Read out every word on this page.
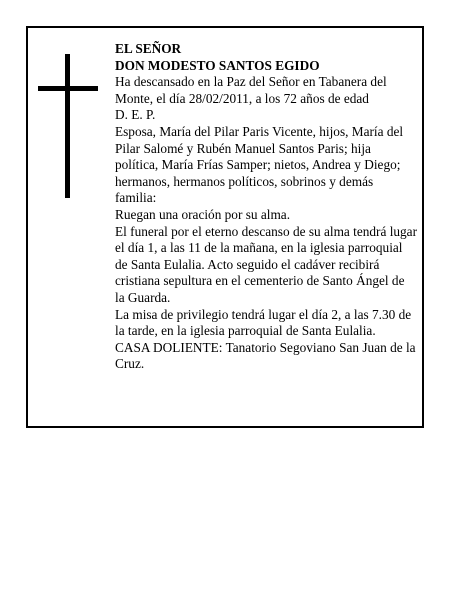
EL SEÑOR

DON MODESTO SANTOS EGIDO

Ha descansado en la Paz del Señor en Tabanera del Monte, el día 28/02/2011, a los 72 años de edad

D. E. P.

Esposa, María del Pilar Paris Vicente, hijos, María del Pilar Salomé y Rubén Manuel Santos Paris; hija política, María Frías Samper; nietos, Andrea y Diego; hermanos, hermanos políticos, sobrinos y demás familia:

Ruegan una oración por su alma.

El funeral por el eterno descanso de su alma tendrá lugar el día 1, a las 11 de la mañana, en la iglesia parroquial de Santa Eulalia. Acto seguido el cadáver recibirá cristiana sepultura en el cementerio de Santo Ángel de la Guarda.

La misa de privilegio tendrá lugar el día 2, a las 7.30 de la tarde, en la iglesia parroquial de Santa Eulalia.

CASA DOLIENTE: Tanatorio Segoviano San Juan de la Cruz.
